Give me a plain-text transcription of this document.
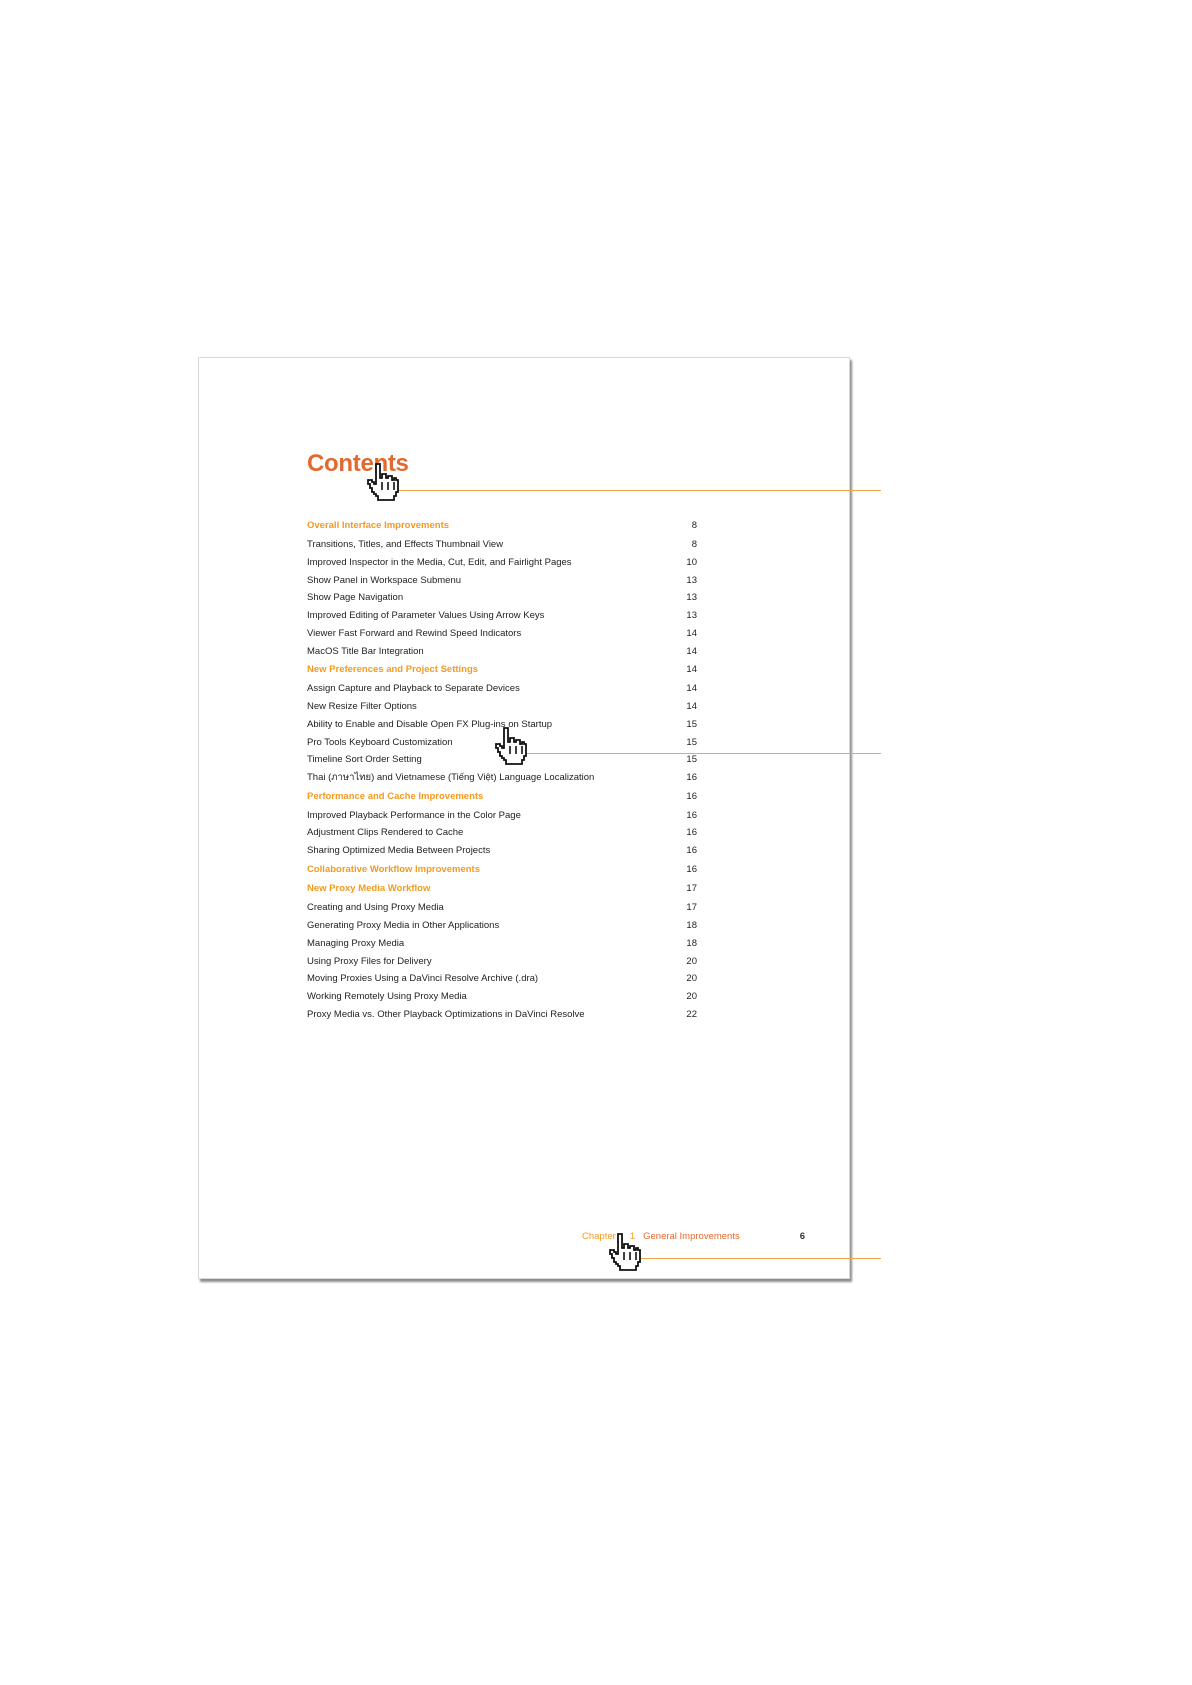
Contents
Overall Interface Improvements	8
Transitions, Titles, and Effects Thumbnail View	8
Improved Inspector in the Media, Cut, Edit, and Fairlight Pages	10
Show Panel in Workspace Submenu	13
Show Page Navigation	13
Improved Editing of Parameter Values Using Arrow Keys	13
Viewer Fast Forward and Rewind Speed Indicators	14
MacOS Title Bar Integration	14
New Preferences and Project Settings	14
Assign Capture and Playback to Separate Devices	14
New Resize Filter Options	14
Ability to Enable and Disable Open FX Plug-ins on Startup	15
Pro Tools Keyboard Customization	15
Timeline Sort Order Setting	15
Thai (ภาษาไทย) and Vietnamese (Tiếng Việt) Language Localization	16
Performance and Cache Improvements	16
Improved Playback Performance in the Color Page	16
Adjustment Clips Rendered to Cache	16
Sharing Optimized Media Between Projects	16
Collaborative Workflow Improvements	16
New Proxy Media Workflow	17
Creating and Using Proxy Media	17
Generating Proxy Media in Other Applications	18
Managing Proxy Media	18
Using Proxy Files for Delivery	20
Moving Proxies Using a DaVinci Resolve Archive (.dra)	20
Working Remotely Using Proxy Media	20
Proxy Media vs. Other Playback Optimizations in DaVinci Resolve	22
Chapter 1 General Improvements	6
